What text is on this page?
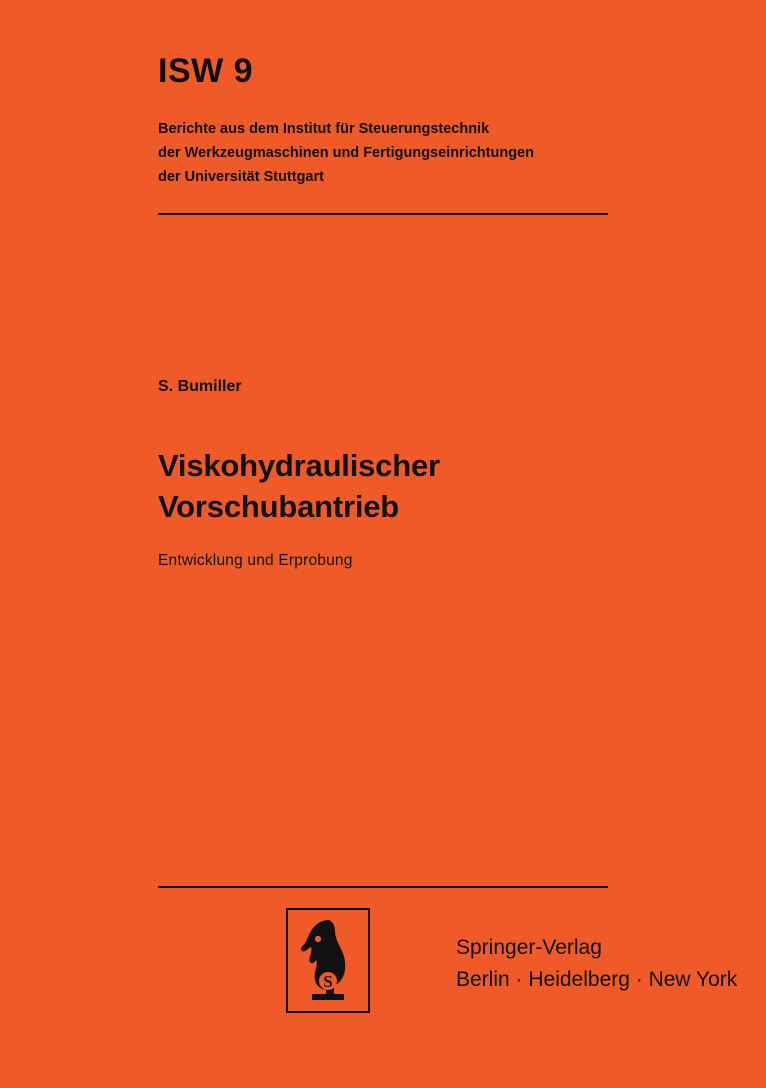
ISW 9
Berichte aus dem Institut für Steuerungstechnik
der Werkzeugmaschinen und Fertigungseinrichtungen
der Universität Stuttgart
S. Bumiller
Viskohydraulischer
Vorschubantrieb
Entwicklung und Erprobung
S
Springer-Verlag
Berlin · Heidelberg · New York
